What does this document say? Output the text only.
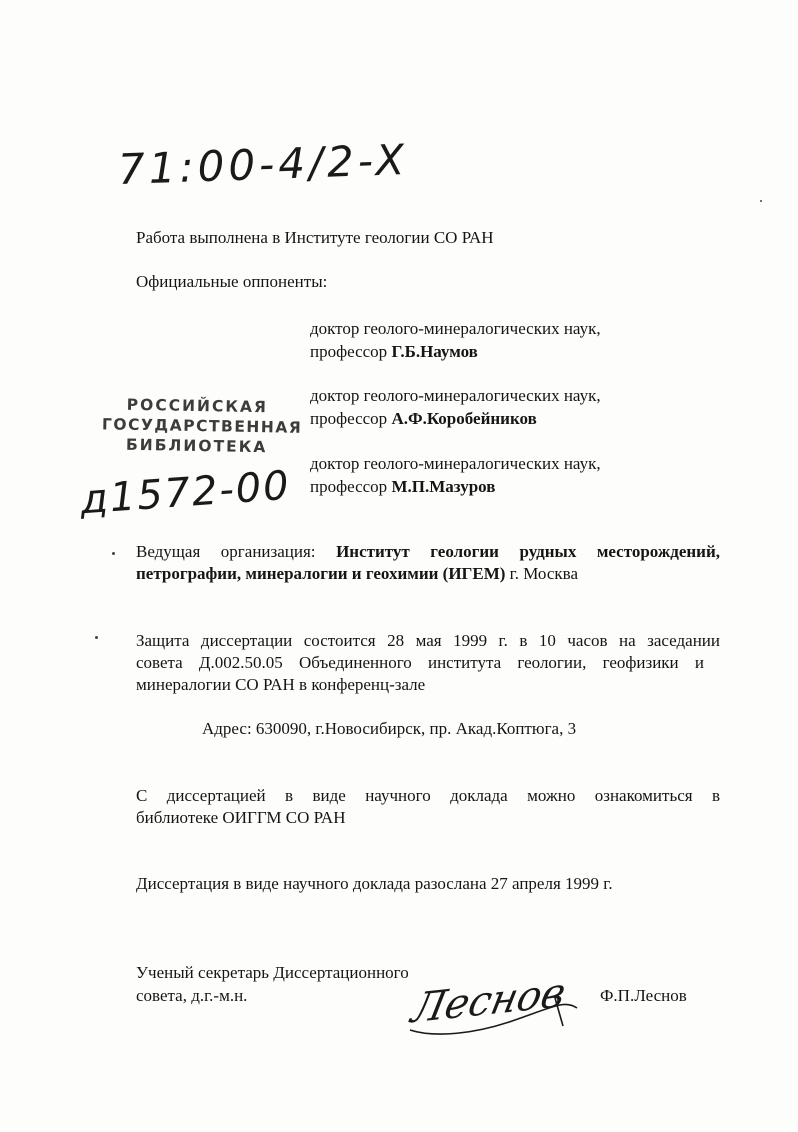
71:00-4/2-X
Работа выполнена в Институте геологии СО РАН
Официальные оппоненты:
доктор геолого-минералогических наук,
профессор Г.Б.Наумов
доктор геолого-минералогических наук,
профессор А.Ф.Коробейников
доктор геолого-минералогических наук,
профессор М.П.Мазуров
РОССИЙСКАЯ
ГОСУДАРСТВЕННАЯ
БИБЛИОТЕКА
д1572-00
Ведущая организация: Институт геологии рудных месторождений,
петрографии, минералогии и геохимии (ИГЕМ) г. Москва
Защита диссертации состоится 28 мая 1999 г. в 10 часов на заседании
совета Д.002.50.05 Объединенного института геологии, геофизики и
минералогии СО РАН в конференц-зале
Адрес: 630090, г.Новосибирск, пр. Акад.Коптюга, 3
С диссертацией в виде научного доклада можно ознакомиться в
библиотеке ОИГГМ СО РАН
Диссертация в виде научного доклада разослана 27 апреля 1999 г.
Ученый секретарь Диссертационного
совета, д.г.-м.н.	Леснов Ф.П.Леснов
